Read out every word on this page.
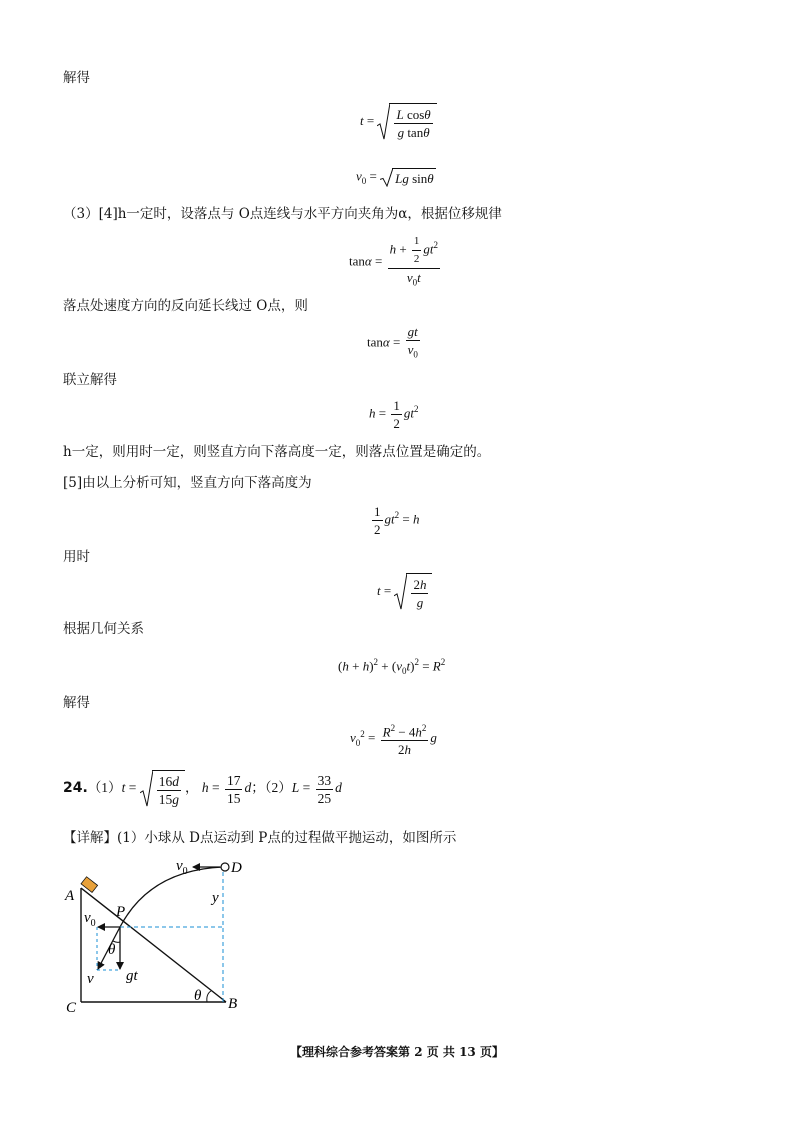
解得
$t = \frac{\text{L cosθ}}{\text{g tanθ}}$
$v_0$ =
Lg sinθ
（3）[4]h一定时，设落点与 O点连线与水平方向夹角为α，根据位移规律
$\tan\alpha = \frac{h + \frac{1}{2} gt^2}{v_0t}$
落点处速度方向的反向延长线过 O点，则
$\tan\alpha = \frac{gt}{v_0}$
联立解得
$h = \frac{1}{2} gt^2$
h一定，则用时一定，则竖直方向下落高度一定，则落点位置是确定的。
[5]由以上分析可知，竖直方向下落高度为
$\frac{1}{2} gt^2 = h$
用时
$t = \frac{2h}{g}$
根据几何关系
$(h + h)^2 + (v_0t)^2 = R^2$
解得
$v_0^2 = \frac{R^2 - 4h^2}{2h}$ g
$24.(1)t = \frac{16d}{15g}$ ， $h = \frac{17}{15}$ d；$(2)L = \frac{33}{25}$ d
【详解】(1）小球从 D点运动到 P点的过程做平抛运动，如图所示
A
B
C
D
P
$v_0$
$v_0$
θ
θ
v gt
y
【理科综合参考答案第 2 页 共 13 页】
